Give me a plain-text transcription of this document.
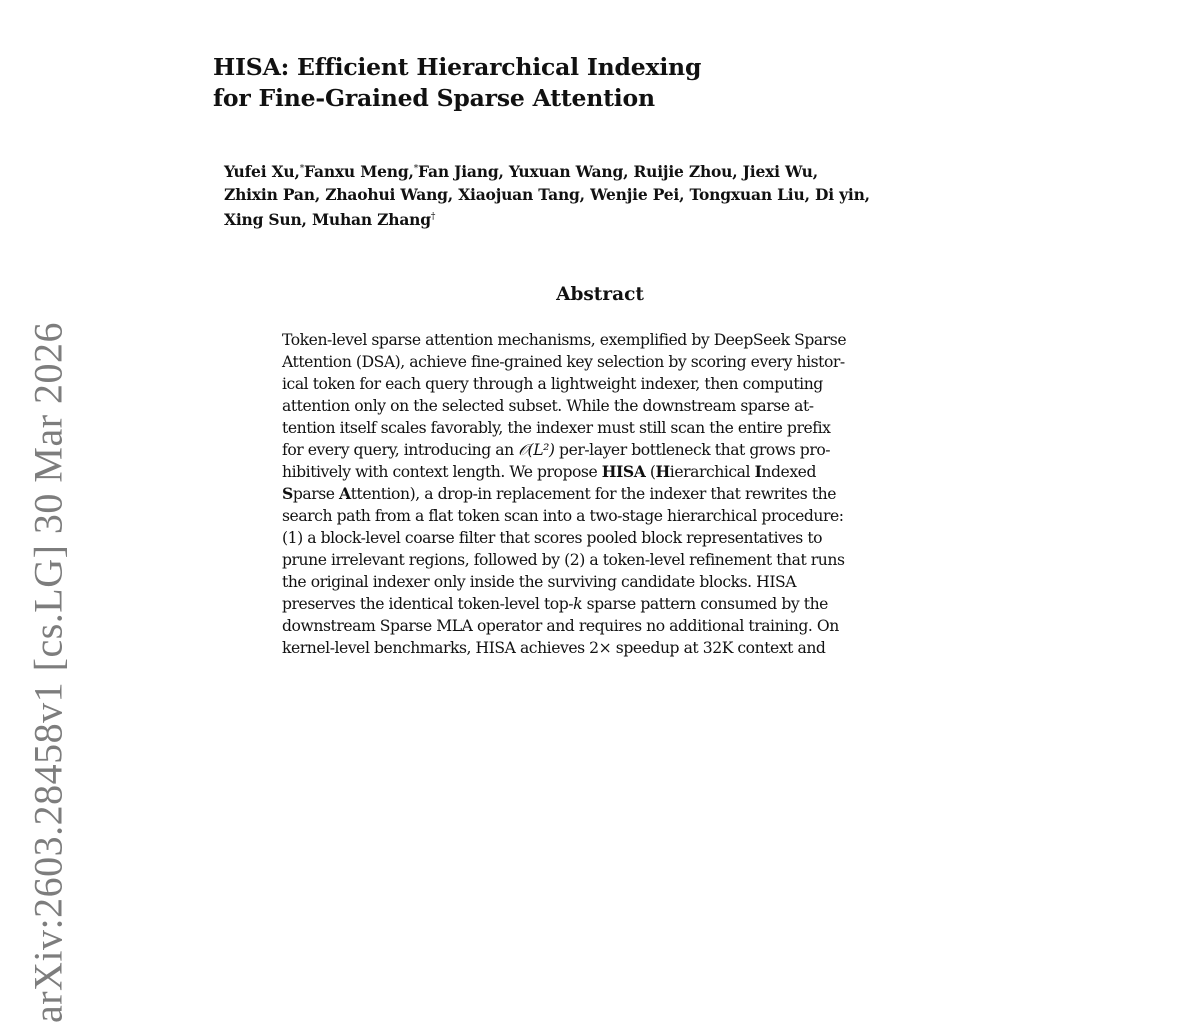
arXiv:2603.28458v1 [cs.LG] 30 Mar 2026
HISA: Efficient Hierarchical Indexing
for Fine-Grained Sparse Attention
Yufei Xu,*Fanxu Meng,*Fan Jiang, Yuxuan Wang, Ruijie Zhou, Jiexi Wu,
Zhixin Pan, Zhaohui Wang, Xiaojuan Tang, Wenjie Pei, Tongxuan Liu, Di yin,
Xing Sun, Muhan Zhang†
Abstract
Token-level sparse attention mechanisms, exemplified by DeepSeek Sparse
Attention (DSA), achieve fine-grained key selection by scoring every histor-
ical token for each query through a lightweight indexer, then computing
attention only on the selected subset. While the downstream sparse at-
tention itself scales favorably, the indexer must still scan the entire prefix
for every query, introducing an 𝒪(L²) per-layer bottleneck that grows pro-
hibitively with context length. We propose HISA (Hierarchical Indexed
Sparse Attention), a drop-in replacement for the indexer that rewrites the
search path from a flat token scan into a two-stage hierarchical procedure:
(1) a block-level coarse filter that scores pooled block representatives to
prune irrelevant regions, followed by (2) a token-level refinement that runs
the original indexer only inside the surviving candidate blocks. HISA
preserves the identical token-level top-k sparse pattern consumed by the
downstream Sparse MLA operator and requires no additional training. On
kernel-level benchmarks, HISA achieves 2× speedup at 32K context and
